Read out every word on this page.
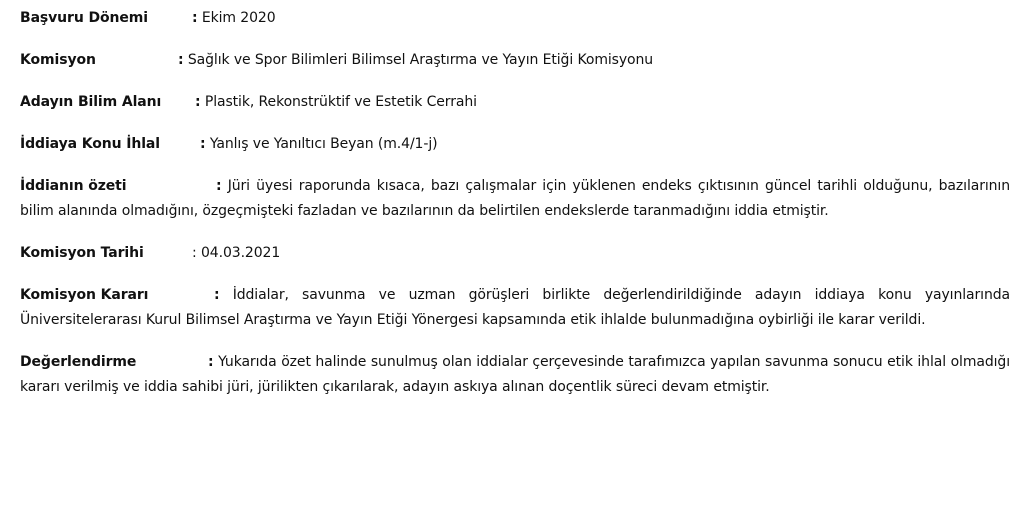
Başvuru Dönemi	: Ekim 2020

Komisyon	: Sağlık ve Spor Bilimleri Bilimsel Araştırma ve Yayın Etiği Komisyonu

Adayın Bilim Alanı : Plastik, Rekonstrüktif ve Estetik Cerrahi

İddiaya Konu İhlal	: Yanlış ve Yanıltıcı Beyan (m.4/1-j)

İddianın özeti	: Jüri üyesi raporunda kısaca, bazı çalışmalar için yüklenen endeks çıktısının güncel tarihli olduğunu, bazılarının bilim alanında olmadığını, özgeçmişteki fazladan ve bazılarının da belirtilen endekslerde taranmadığını iddia etmiştir.

Komisyon Tarihi	: 04.03.2021

Komisyon Kararı	: İddialar, savunma ve uzman görüşleri birlikte değerlendirildiğinde adayın iddiaya konu yayınlarında Üniversitelerarası Kurul Bilimsel Araştırma ve Yayın Etiği Yönergesi kapsamında etik ihlalde bulunmadığına oybirliği ile karar verildi.

Değerlendirme	: Yukarıda özet halinde sunulmuş olan iddialar çerçevesinde tarafımızca yapılan savunma sonucu etik ihlal olmadığı kararı verilmiş ve iddia sahibi jüri, jürilikten çıkarılarak, adayın askıya alınan doçentlik süreci devam etmiştir.
